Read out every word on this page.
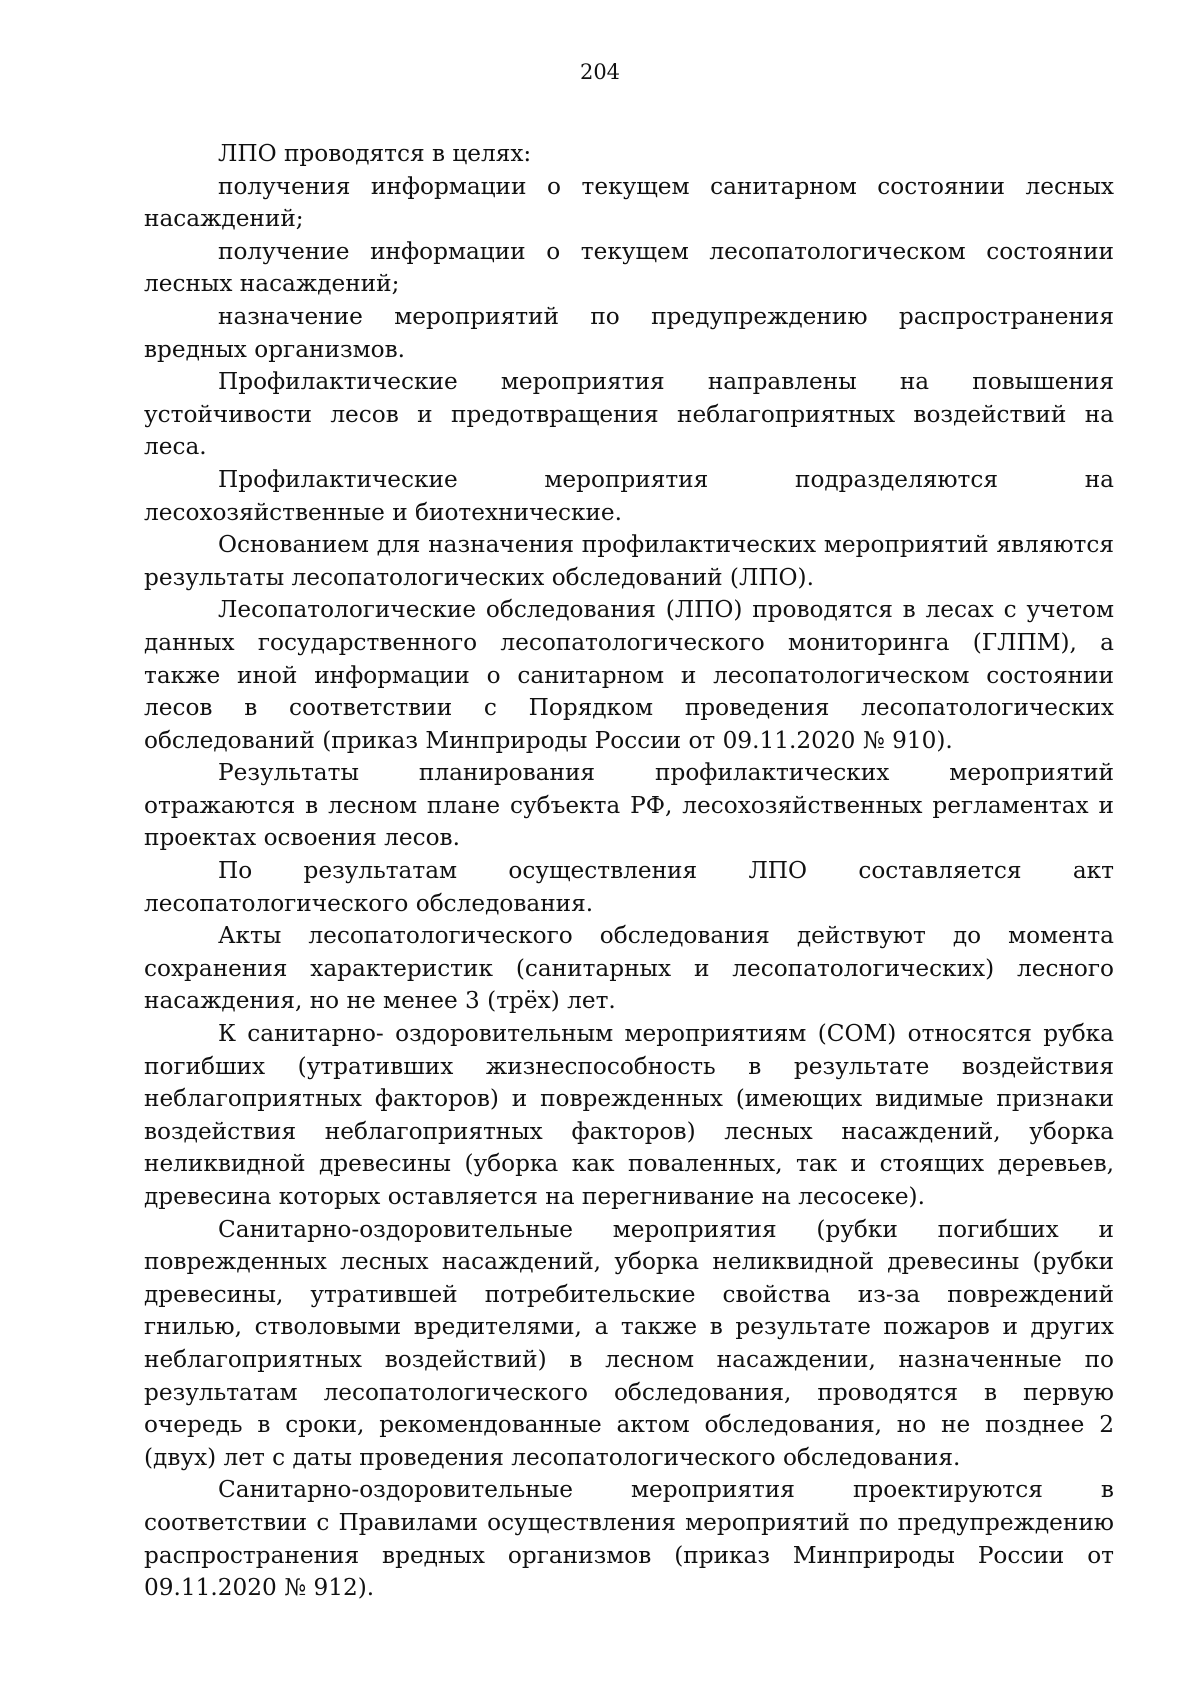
204

ЛПО проводятся в целях:

получения информации о текущем санитарном состоянии лесных насаждений;

получение информации о текущем лесопатологическом состоянии лесных насаждений;

назначение мероприятий по предупреждению распространения вредных организмов.

Профилактические мероприятия направлены на повышения устойчивости лесов и предотвращения неблагоприятных воздействий на леса.

Профилактические мероприятия подразделяются на лесохозяйственные и биотехнические.

Основанием для назначения профилактических мероприятий являются результаты лесопатологических обследований (ЛПО).

Лесопатологические обследования (ЛПО) проводятся в лесах с учетом данных государственного лесопатологического мониторинга (ГЛПМ), а также иной информации о санитарном и лесопатологическом состоянии лесов в соответствии с Порядком проведения лесопатологических обследований (приказ Минприроды России от 09.11.2020 № 910).

Результаты планирования профилактических мероприятий отражаются в лесном плане субъекта РФ, лесохозяйственных регламентах и проектах освоения лесов.

По результатам осуществления ЛПО составляется акт лесопатологического обследования.

Акты лесопатологического обследования действуют до момента сохранения характеристик (санитарных и лесопатологических) лесного насаждения, но не менее 3 (трёх) лет.

К санитарно- оздоровительным мероприятиям (СОМ) относятся рубка погибших (утративших жизнеспособность в результате воздействия неблагоприятных факторов) и поврежденных (имеющих видимые признаки воздействия неблагоприятных факторов) лесных насаждений, уборка неликвидной древесины (уборка как поваленных, так и стоящих деревьев, древесина которых оставляется на перегнивание на лесосеке).

Санитарно-оздоровительные мероприятия (рубки погибших и поврежденных лесных насаждений, уборка неликвидной древесины (рубки древесины, утратившей потребительские свойства из-за повреждений гнилью, стволовыми вредителями, а также в результате пожаров и других неблагоприятных воздействий) в лесном насаждении, назначенные по результатам лесопатологического обследования, проводятся в первую очередь в сроки, рекомендованные актом обследования, но не позднее 2 (двух) лет с даты проведения лесопатологического обследования.

Санитарно-оздоровительные мероприятия проектируются в соответствии с Правилами осуществления мероприятий по предупреждению распространения вредных организмов (приказ Минприроды России от 09.11.2020 № 912).
